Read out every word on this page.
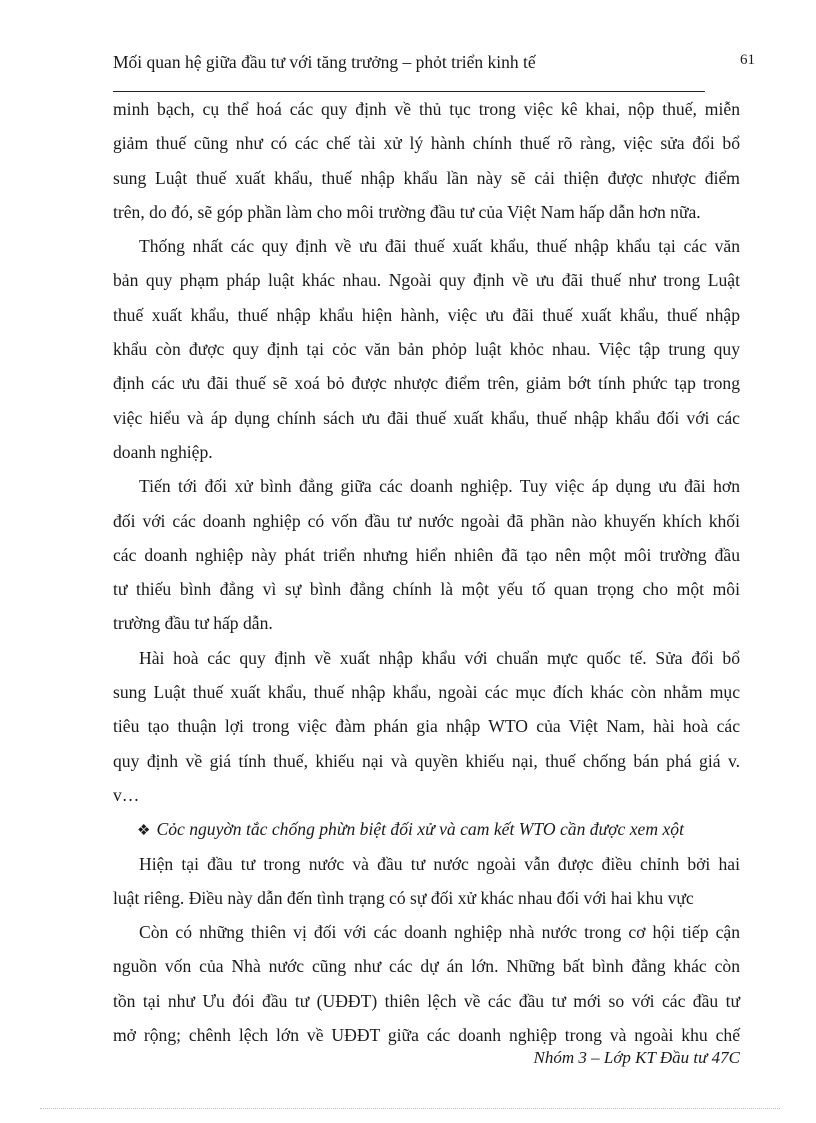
Mối quan hệ giữa đầu tư với tăng trưởng – phỏt triển kinh tế	61
minh bạch, cụ thể hoá các quy định về thủ tục trong việc kê khai, nộp thuế, miễn
giảm thuế cũng như có các chế tài xử lý hành chính thuế rõ ràng, việc sửa đổi bổ
sung Luật thuế xuất khẩu, thuế nhập khẩu lần này sẽ cải thiện được nhược điểm
trên, do đó, sẽ góp phần làm cho môi trường đầu tư của Việt Nam hấp dẫn hơn nữa.
Thống nhất các quy định về ưu đãi thuế xuất khẩu, thuế nhập khẩu tại các văn
bản quy phạm pháp luật khác nhau. Ngoài quy định về ưu đãi thuế như trong Luật
thuế xuất khẩu, thuế nhập khẩu hiện hành, việc ưu đãi thuế xuất khẩu, thuế nhập
khẩu còn được quy định tại cỏc văn bản phỏp luật khỏc nhau. Việc tập trung quy
định các ưu đãi thuế sẽ xoá bỏ được nhược điểm trên, giảm bớt tính phức tạp trong
việc hiểu và áp dụng chính sách ưu đãi thuế xuất khẩu, thuế nhập khẩu đối với các
doanh nghiệp.
Tiến tới đối xử bình đẳng giữa các doanh nghiệp. Tuy việc áp dụng ưu đãi hơn
đối với các doanh nghiệp có vốn đầu tư nước ngoài đã phần nào khuyến khích khối
các doanh nghiệp này phát triển nhưng hiển nhiên đã tạo nên một môi trường đầu
tư thiếu bình đẳng vì sự bình đẳng chính là một yếu tố quan trọng cho một môi
trường đầu tư hấp dẫn.
Hài hoà các quy định về xuất nhập khẩu với chuẩn mực quốc tế. Sửa đổi bổ
sung Luật thuế xuất khẩu, thuế nhập khẩu, ngoài các mục đích khác còn nhằm mục
tiêu tạo thuận lợi trong việc đàm phán gia nhập WTO của Việt Nam, hài hoà các
quy định về giá tính thuế, khiếu nại và quyền khiếu nại, thuế chống bán phá giá v.
v…
❖ Cỏc nguyờn tắc chống phừn biệt đối xử và cam kết WTO cần được xem xột
Hiện tại đầu tư trong nước và đầu tư nước ngoài vẫn được điều chỉnh bởi hai
luật riêng. Điều này dẫn đến tình trạng có sự đối xử khác nhau đối với hai khu vực
Còn có những thiên vị đối với các doanh nghiệp nhà nước trong cơ hội tiếp cận
nguồn vốn của Nhà nước cũng như các dự án lớn. Những bất bình đẳng khác còn
tồn tại như Ưu đói đầu tư (UĐĐT) thiên lệch về các đầu tư mới so với các đầu tư
mở rộng; chênh lệch lớn về UĐĐT giữa các doanh nghiệp trong và ngoài khu chế
Nhóm 3 – Lớp KT Đầu tư 47C
